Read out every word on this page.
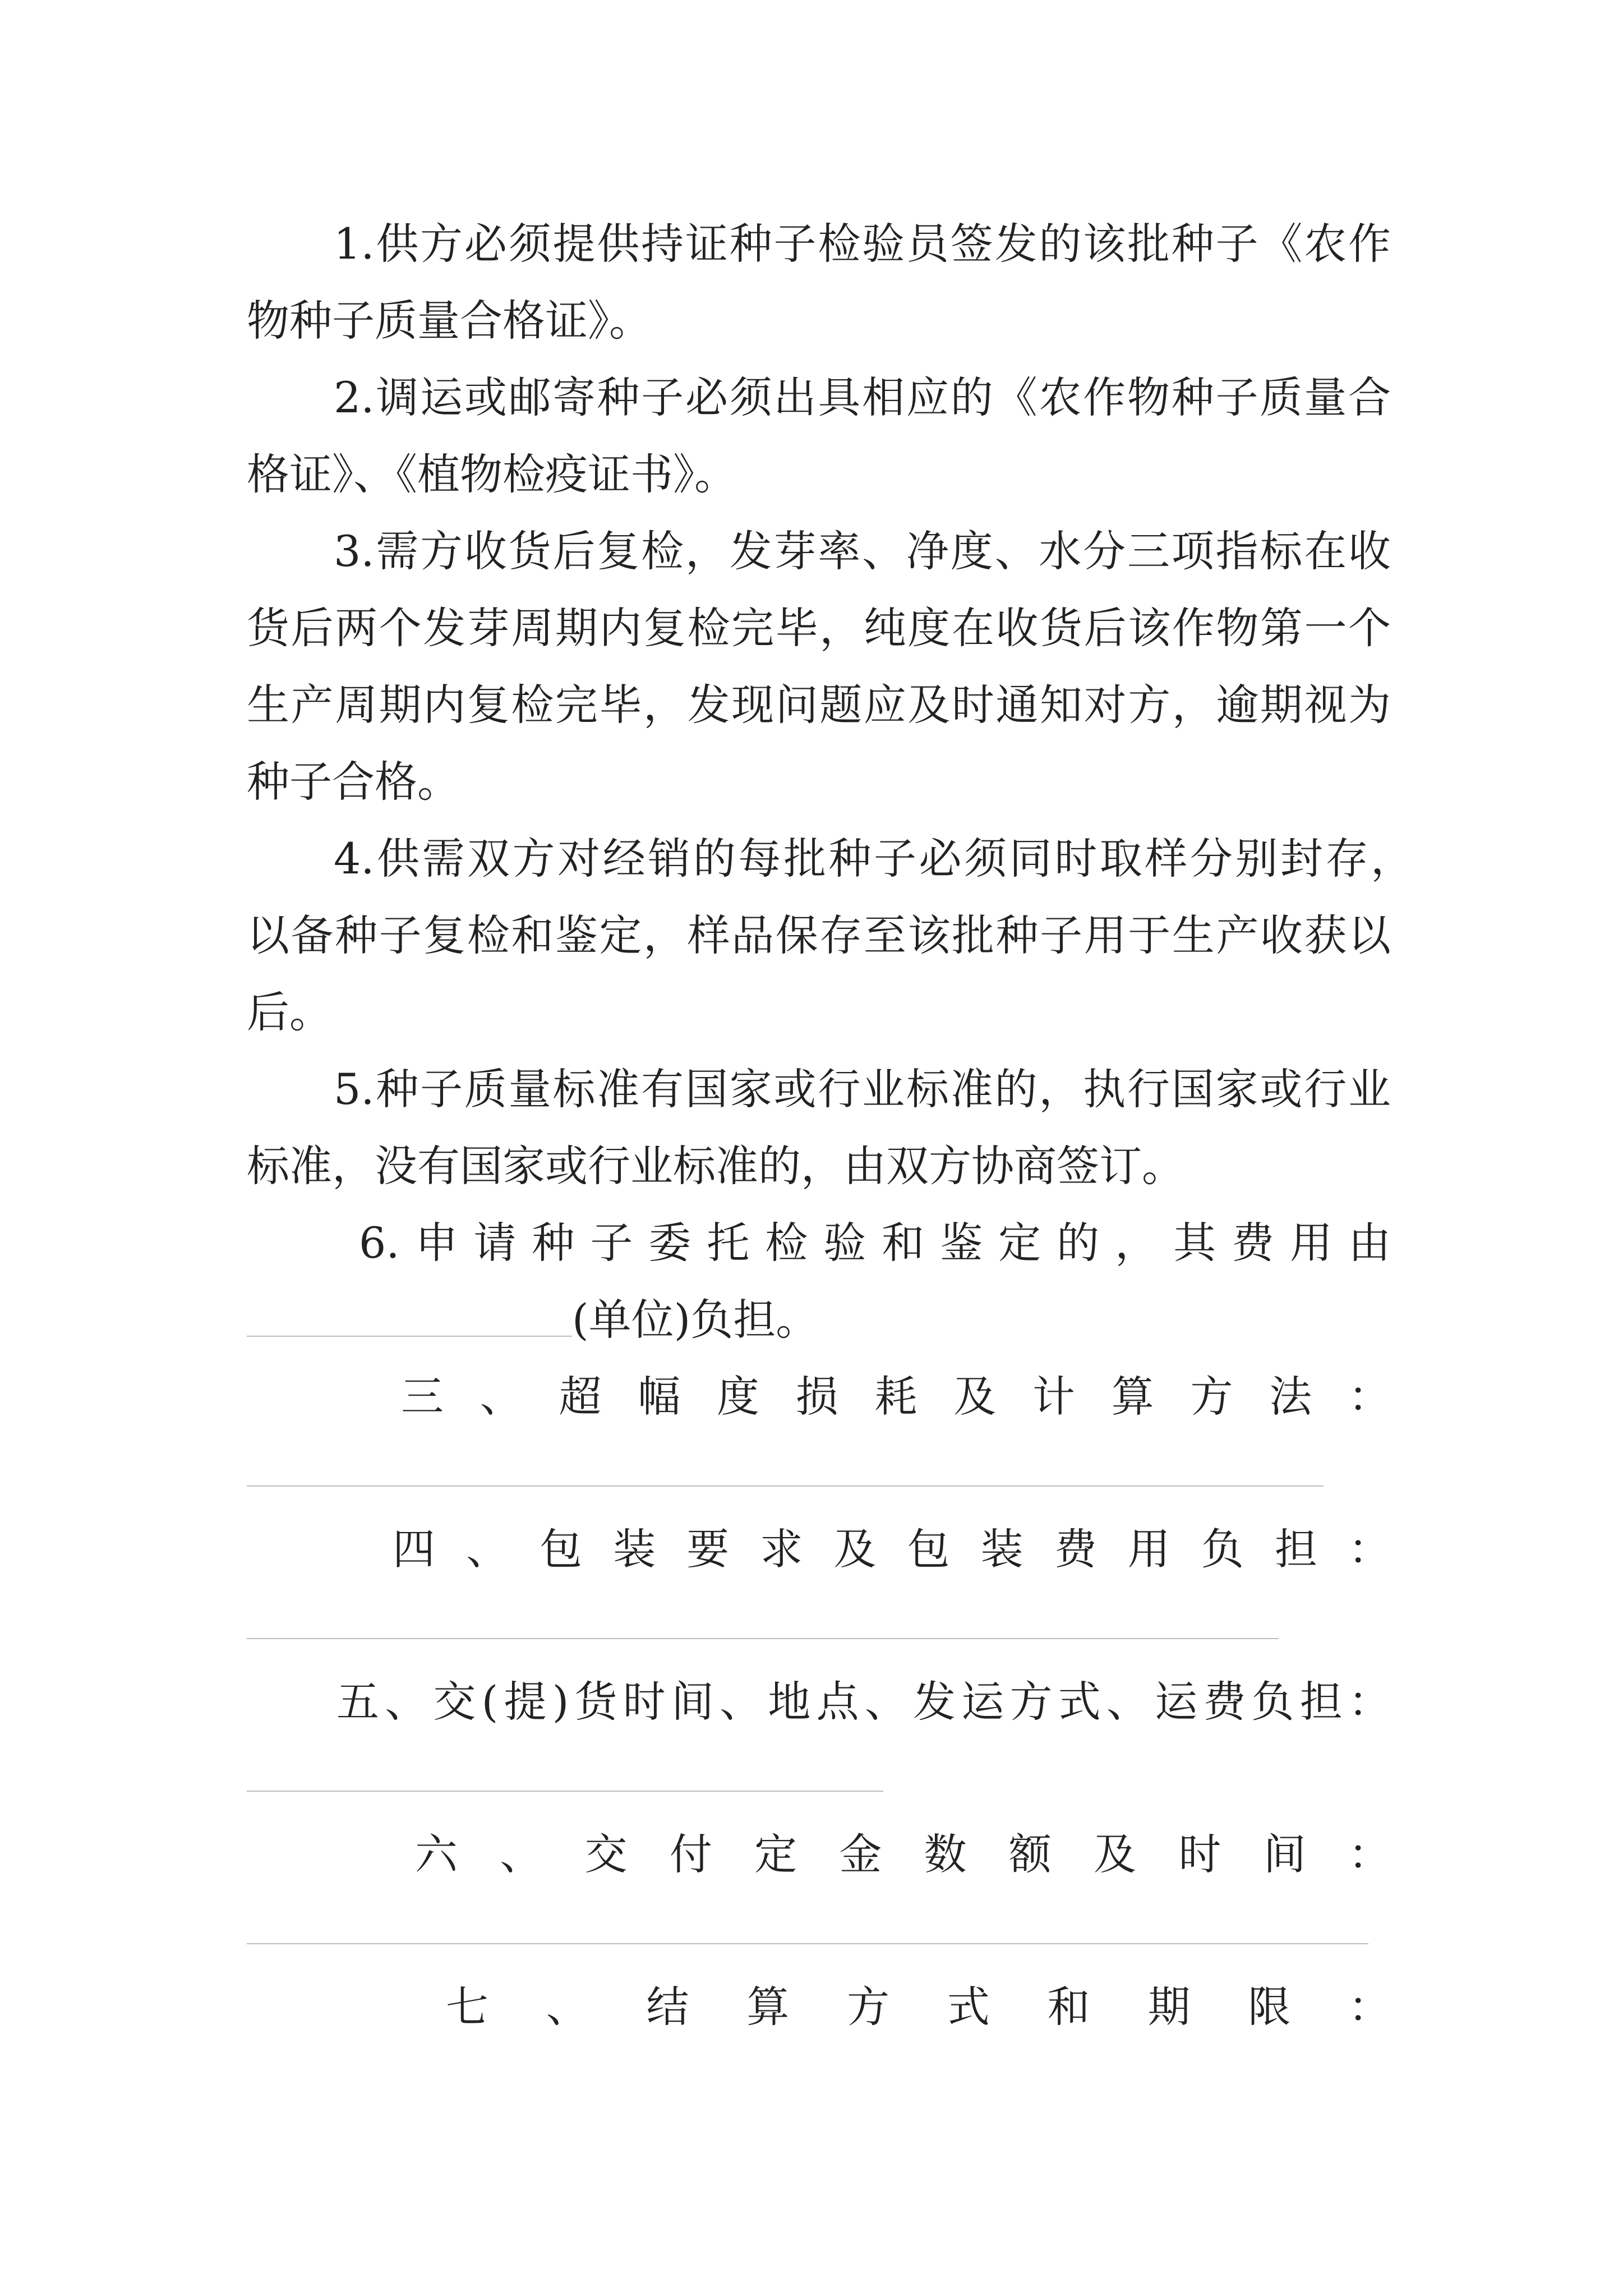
1.供方必须提供持证种子检验员签发的该批种子《农作
物种子质量合格证》。
2.调运或邮寄种子必须出具相应的《农作物种子质量合
格证》、《植物检疫证书》。
3.需方收货后复检，发芽率、净度、水分三项指标在收
货后两个发芽周期内复检完毕，纯度在收货后该作物第一个
生产周期内复检完毕，发现问题应及时通知对方，逾期视为
种子合格。
4.供需双方对经销的每批种子必须同时取样分别封存，
以备种子复检和鉴定，样品保存至该批种子用于生产收获以
后。
5.种子质量标准有国家或行业标准的，执行国家或行业
标准，没有国家或行业标准的，由双方协商签订。
6.申请种子委托检验和鉴定的，其费用由
(单位)负担。
三、超幅度损耗及计算方法：
四、包装要求及包装费用负担：
五、交(提)货时间、地点、发运方式、运费负担：
六、交付定金数额及时间：
七、结算方式和期限：
